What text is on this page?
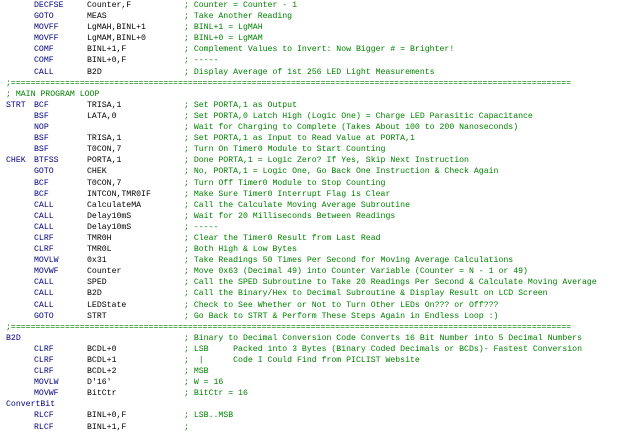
DECFSE	Counter,F	; Counter = Counter - 1
GOTO	MEAS	; Take Another Reading
MOVFF	LgMAH,BINL+1	; BINL+1 = LgMAH
MOVFF	LgMAM,BINL+0	; BINL+0 = LgMAM
COMF	BINL+1,F	; Complement Values to Invert: Now Bigger # = Brighter!
COMF	BINL+0,F	; -----
CALL	B2D	; Display Average of 1st 256 LED Light Measurements
;==================================================================================================================
; MAIN PROGRAM LOOP
STRT BCF	TRISA,1	; Set PORTA,1 as Output
BSF	LATA,0	; Set PORTA,0 Latch High (Logic One) = Charge LED Parasitic Capacitance
NOP	; Wait for Charging to Complete (Takes About 100 to 200 Nanoseconds)
BSF	TRISA,1	; Set PORTA,1 as Input to Read Value at PORTA,1
BSF	T0CON,7	; Turn On Timer0 Module to Start Counting
CHEK BTFSS	PORTA,1	; Done PORTA,1 = Logic Zero? If Yes, Skip Next Instruction
GOTO	CHEK	; No, PORTA,1 = Logic One, Go Back One Instruction & Check Again
BCF	T0CON,7	; Turn Off Timer0 Module to Stop Counting
BCF	INTCON,TMR0IF	; Make Sure Timer0 Interrupt Flag is Clear
CALL	CalculateMA	; Call the Calculate Moving Average Subroutine
CALL	Delay10mS	; Wait for 20 Milliseconds Between Readings
CALL	Delay10mS	; -----
CLRF	TMR0H	; Clear the Timer0 Result from Last Read
CLRF	TMR0L	; Both High & Low Bytes
MOVLW	0x31	; Take Readings 50 Times Per Second for Moving Average Calculations
MOVWF	Counter	; Move 0x63 (Decimal 49) into Counter Variable (Counter = N - 1 or 49)
CALL	SPED	; Call the SPED Subroutine to Take 20 Readings Per Second & Calculate Moving Average
CALL	B2D	; Call the Binary/Hex to Decimal Subroutine & Display Result on LCD Screen
CALL	LEDState	; Check to See Whether or Not to Turn Other LEDs On??? or Off???
GOTO	STRT	; Go Back to STRT & Perform These Steps Again in Endless Loop :)
;==================================================================================================================
B2D	; Binary to Decimal Conversion Code Converts 16 Bit Number into 5 Decimal Numbers
CLRF	BCDL+0	; LSB     Packed into 3 Bytes (Binary Coded Decimals or BCDs)- Fastest Conversion
CLRF	BCDL+1	;  |      Code I Could Find from PICLIST Website
CLRF	BCDL+2	; MSB
MOVLW	D'16'	; W = 16
MOVWF	BitCtr	; BitCtr = 16
ConvertBit
RLCF	BINL+0,F	; LSB..MSB
RLCF	BINL+1,F	;
